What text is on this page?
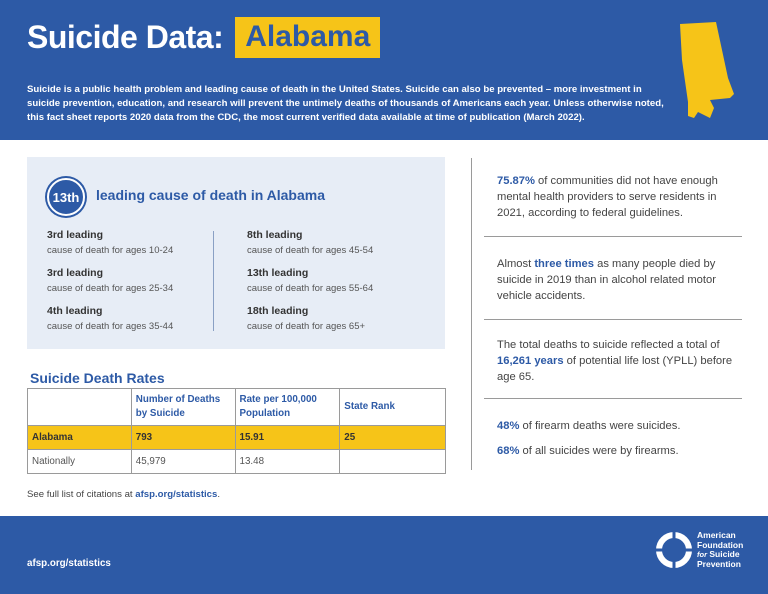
Suicide Data: Alabama

Suicide is a public health problem and leading cause of death in the United States. Suicide can also be prevented – more investment in suicide prevention, education, and research will prevent the untimely deaths of thousands of Americans each year. Unless otherwise noted, this fact sheet reports 2020 data from the CDC, the most current verified data available at time of publication (March 2022).

13th	leading cause of death in Alabama
3rd leading
cause of death for ages 10-24
3rd leading
cause of death for ages 25-34
4th leading
cause of death for ages 35-44
8th leading
cause of death for ages 45-54
13th leading
cause of death for ages 55-64
18th leading
cause of death for ages 65+
Suicide Death Rates
	Number of Deaths by Suicide	Rate per 100,000 Population	State Rank
Alabama	793	15.91	25
Nationally	45,979	13.48	
See full list of citations at afsp.org/statistics.

75.87% of communities did not have enough mental health providers to serve residents in 2021, according to federal guidelines.

Almost three times as many people died by suicide in 2019 than in alcohol related motor vehicle accidents.

The total deaths to suicide reflected a total of 16,261 years of potential life lost (YPLL) before age 65.

48% of firearm deaths were suicides.

68% of all suicides were by firearms.

afsp.org/statistics
American
Foundation
for Suicide
Prevention
